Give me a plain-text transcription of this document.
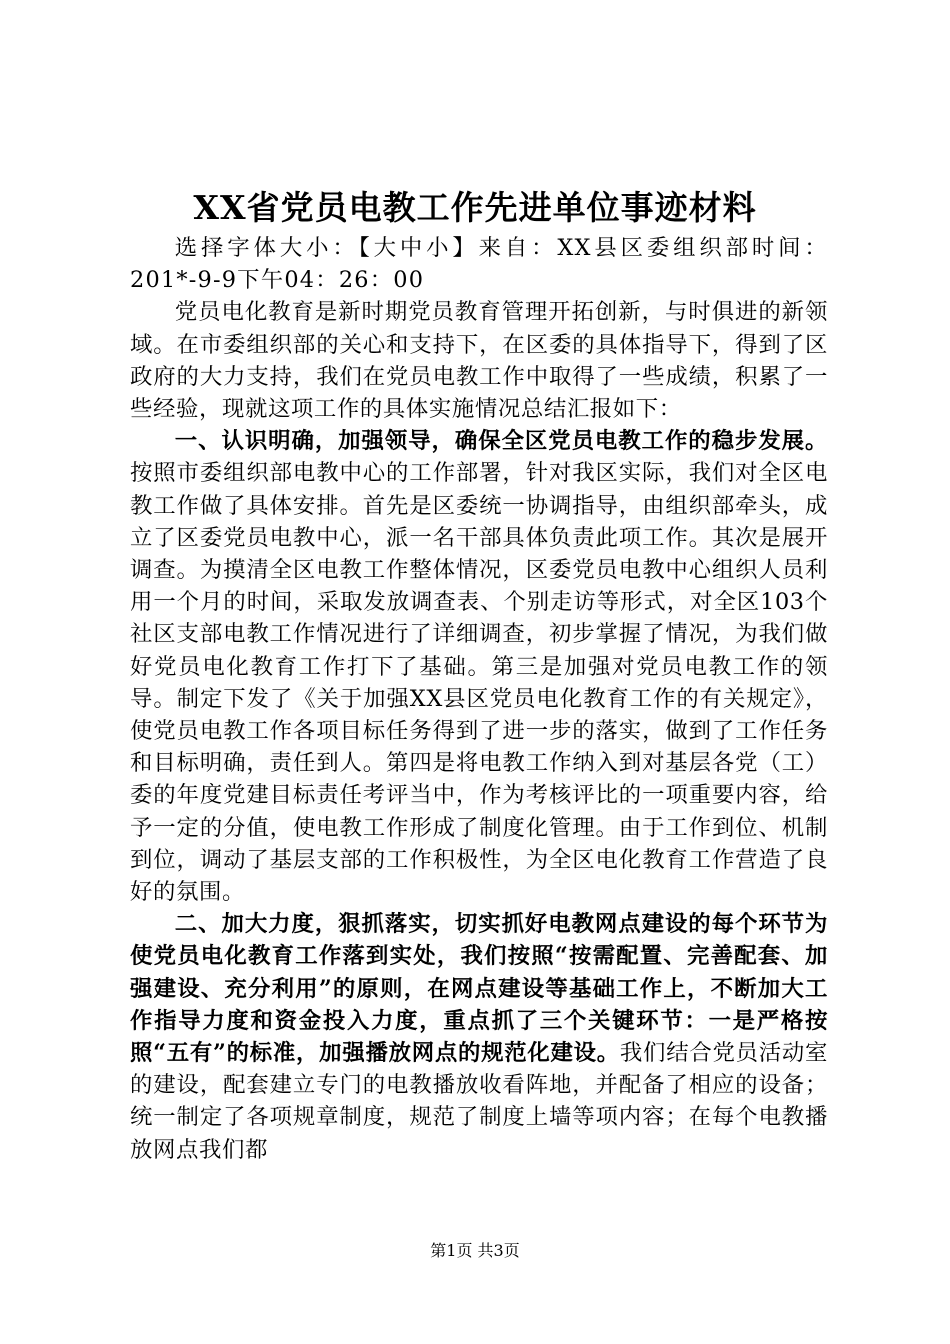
XX省党员电教工作先进单位事迹材料

选择字体大小：【大中小】来自：XX县区委组织部时间：201*-9-9下午04：26：00

党员电化教育是新时期党员教育管理开拓创新，与时俱进的新领域。在市委组织部的关心和支持下，在区委的具体指导下，得到了区政府的大力支持，我们在党员电教工作中取得了一些成绩，积累了一些经验，现就这项工作的具体实施情况总结汇报如下：

一、认识明确，加强领导，确保全区党员电教工作的稳步发展。按照市委组织部电教中心的工作部署，针对我区实际，我们对全区电教工作做了具体安排。首先是区委统一协调指导，由组织部牵头，成立了区委党员电教中心，派一名干部具体负责此项工作。其次是展开调查。为摸清全区电教工作整体情况，区委党员电教中心组织人员利用一个月的时间，采取发放调查表、个别走访等形式，对全区103个社区支部电教工作情况进行了详细调查，初步掌握了情况，为我们做好党员电化教育工作打下了基础。第三是加强对党员电教工作的领导。制定下发了《关于加强XX县区党员电化教育工作的有关规定》，使党员电教工作各项目标任务得到了进一步的落实，做到了工作任务和目标明确，责任到人。第四是将电教工作纳入到对基层各党（工）委的年度党建目标责任考评当中，作为考核评比的一项重要内容，给予一定的分值，使电教工作形成了制度化管理。由于工作到位、机制到位，调动了基层支部的工作积极性，为全区电化教育工作营造了良好的氛围。

二、加大力度，狠抓落实，切实抓好电教网点建设的每个环节为使党员电化教育工作落到实处，我们按照“按需配置、完善配套、加强建设、充分利用”的原则，在网点建设等基础工作上，不断加大工作指导力度和资金投入力度，重点抓了三个关键环节：一是严格按照“五有”的标准，加强播放网点的规范化建设。我们结合党员活动室的建设，配套建立专门的电教播放收看阵地，并配备了相应的设备；统一制定了各项规章制度，规范了制度上墙等项内容；在每个电教播放网点我们都

第1页 共3页
